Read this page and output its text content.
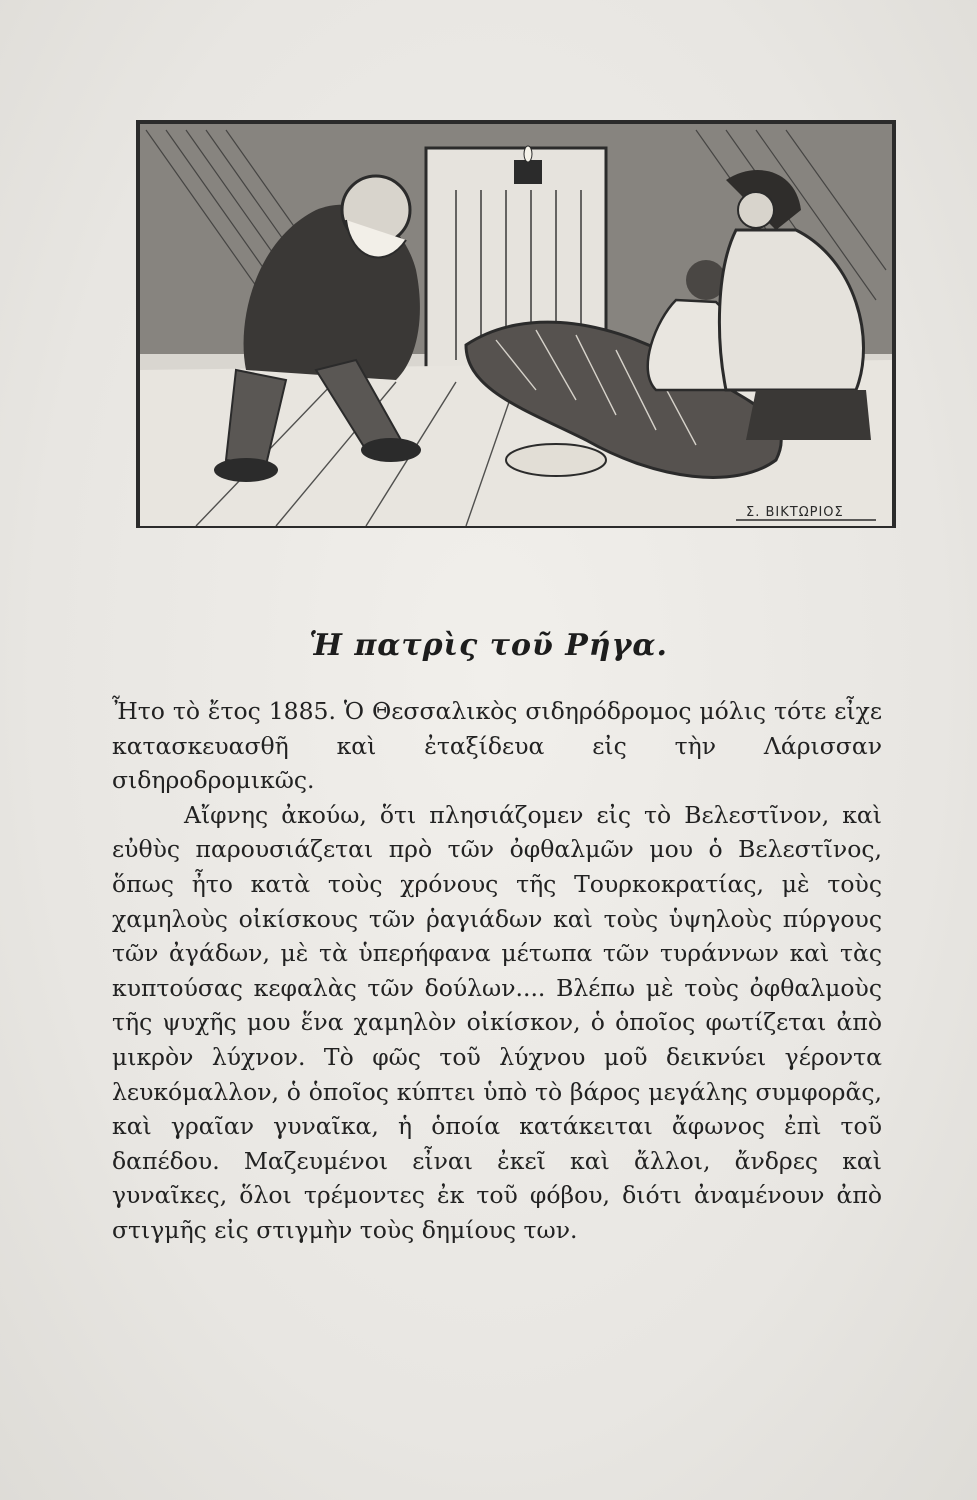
Σ. ΒΙΚΤΩΡΙΟΣ
Ἡ πατρὶς τοῦ Ρήγα.

Ἦτο τὸ ἔτος 1885. Ὁ Θεσσαλικὸς σιδηρόδρομος μόλις τότε εἶχε κατασκευασθῆ καὶ ἐταξίδευα εἰς τὴν Λάρισσαν σιδηροδρομικῶς.

Αἴφνης ἀκούω, ὅτι πλησιάζομεν εἰς τὸ Βελεστῖνον, καὶ εὐθὺς παρουσιάζεται πρὸ τῶν ὀφθαλμῶν μου ὁ Βελεστῖνος, ὅπως ἦτο κατὰ τοὺς χρόνους τῆς Τουρκοκρατίας, μὲ τοὺς χαμηλοὺς οἰκίσκους τῶν ῥαγιάδων καὶ τοὺς ὑψηλοὺς πύργους τῶν ἀγάδων, μὲ τὰ ὑπερήφανα μέτωπα τῶν τυράννων καὶ τὰς κυπτούσας κεφαλὰς τῶν δούλων.... Βλέπω μὲ τοὺς ὀφθαλμοὺς τῆς ψυχῆς μου ἕνα χαμηλὸν οἰκίσκον, ὁ ὁποῖος φωτίζεται ἀπὸ μικρὸν λύχνον. Τὸ φῶς τοῦ λύχνου μοῦ δεικνύει γέροντα λευκόμαλλον, ὁ ὁποῖος κύπτει ὑπὸ τὸ βάρος μεγάλης συμφορᾶς, καὶ γραῖαν γυναῖκα, ἡ ὁποία κατάκειται ἄφωνος ἐπὶ τοῦ δαπέδου. Μαζευμένοι εἶναι ἐκεῖ καὶ ἄλλοι, ἄνδρες καὶ γυναῖκες, ὅλοι τρέμοντες ἐκ τοῦ φόβου, διότι ἀναμένουν ἀπὸ στιγμῆς εἰς στιγμὴν τοὺς δημίους των.
